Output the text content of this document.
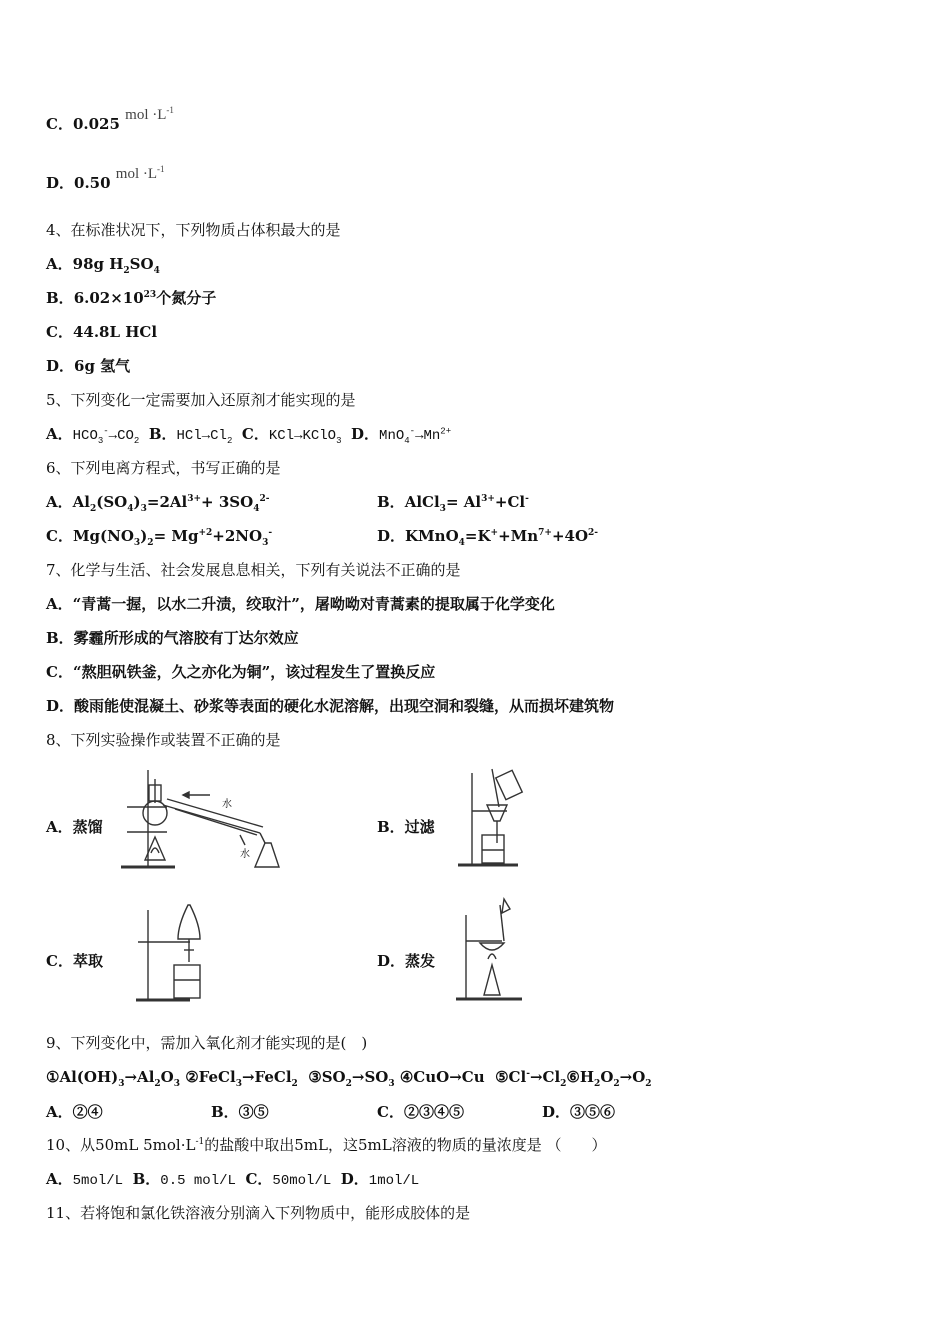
C．0.025 mol $\cdot L^{-1}$
D．0.50 mol $\cdot L^{-1}$
4、在标准状况下，下列物质占体积最大的是
A．98g $H_2SO_4$
B．$6.02\times 10^{23}$个氮分子
C．44.8L HCl
D．6g 氢气
5、下列变化一定需要加入还原剂才能实现的是
A．$HCO_3^-\to CO_2$ B．$HCl\to Cl_2$ C．KCl→KClO$_3$ D．$MnO_4^-\to Mn^{2+}$
6、下列电离方程式，书写正确的是
A．$Al_2(SO_4)_3=2Al^{3+}+ 3SO_4^{2-}$	B．AlCl$_3$= $Al^{3+}+Cl^-$
C．$Mg(NO_3)_2= Mg^{+2}+2NO_3^-$	D．$KMnO_4=K^++Mn^{7+}+4O^{2-}$
7、化学与生活、社会发展息息相关，下列有关说法不正确的是
A．“青蒿一握，以水二升渍，绞取汁”，屠呦呦对青蒿素的提取属于化学变化
B．雾霾所形成的气溶胶有丁达尔效应
C．“熬胆矾铁釜，久之亦化为铜”，该过程发生了置换反应
D．酸雨能使混凝土、砂浆等表面的硬化水泥溶解，出现空洞和裂缝，从而损坏建筑物
8、下列实验操作或装置不正确的是
A．蒸馏
水
水
B．过滤
C．萃取	D．蒸发
9、下列变化中，需加入氧化剂才能实现的是(　)
$①Al(OH)_3\to Al_2O_3$ ②FeCl$_3$→FeCl$_2$ $③SO_2\to SO_3$ ④CuO→Cu $⑤Cl^-\to Cl_2⑥H_2O_2\to O_2$
A．②④	B．③⑤	C．②③④⑤	D．③⑤⑥
10、从50mL $5mol\cdot L^{-1}$的盐酸中取出5mL，这5mL溶液的物质的量浓度是 （　　）
A．5mol/L B．0.5 mol/L C．50mol/L D．1mol/L
11、若将饱和氯化铁溶液分别滴入下列物质中，能形成胶体的是
